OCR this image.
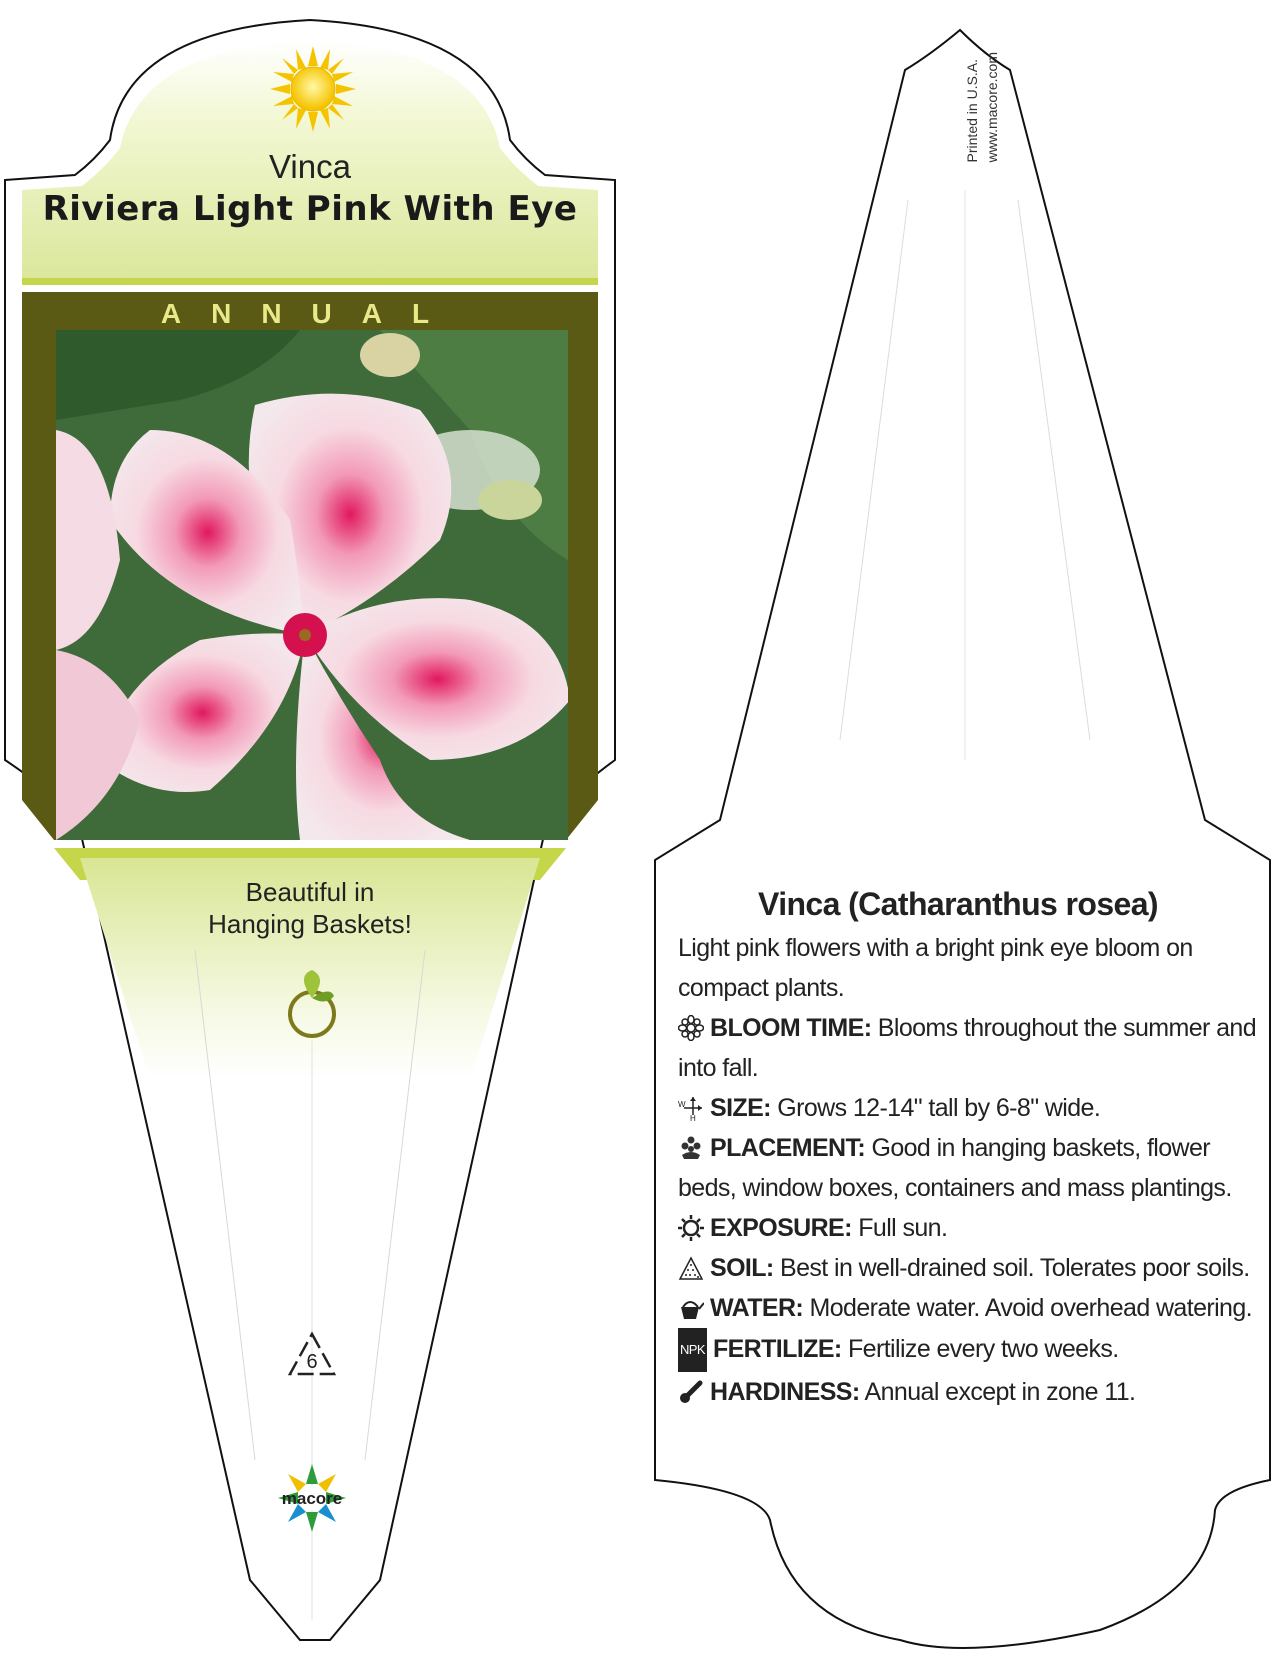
Vinca
Riviera Light Pink With Eye
ANNUAL
Beautiful in
Hanging Baskets!
6
macore
Printed in U.S.A. www.macore.com
Vinca (Catharanthus rosea)
Light pink flowers with a bright pink eye bloom on compact plants.
BLOOM TIME: Blooms throughout the summer and into fall.
W
H SIZE: Grows 12-14" tall by 6-8" wide.
PLACEMENT: Good in hanging baskets, flower beds, window boxes, containers and mass plantings.
EXPOSURE: Full sun.
SOIL: Best in well-drained soil. Tolerates poor soils.
WATER: Moderate water. Avoid overhead watering.
NPK FERTILIZE: Fertilize every two weeks.
HARDINESS: Annual except in zone 11.
